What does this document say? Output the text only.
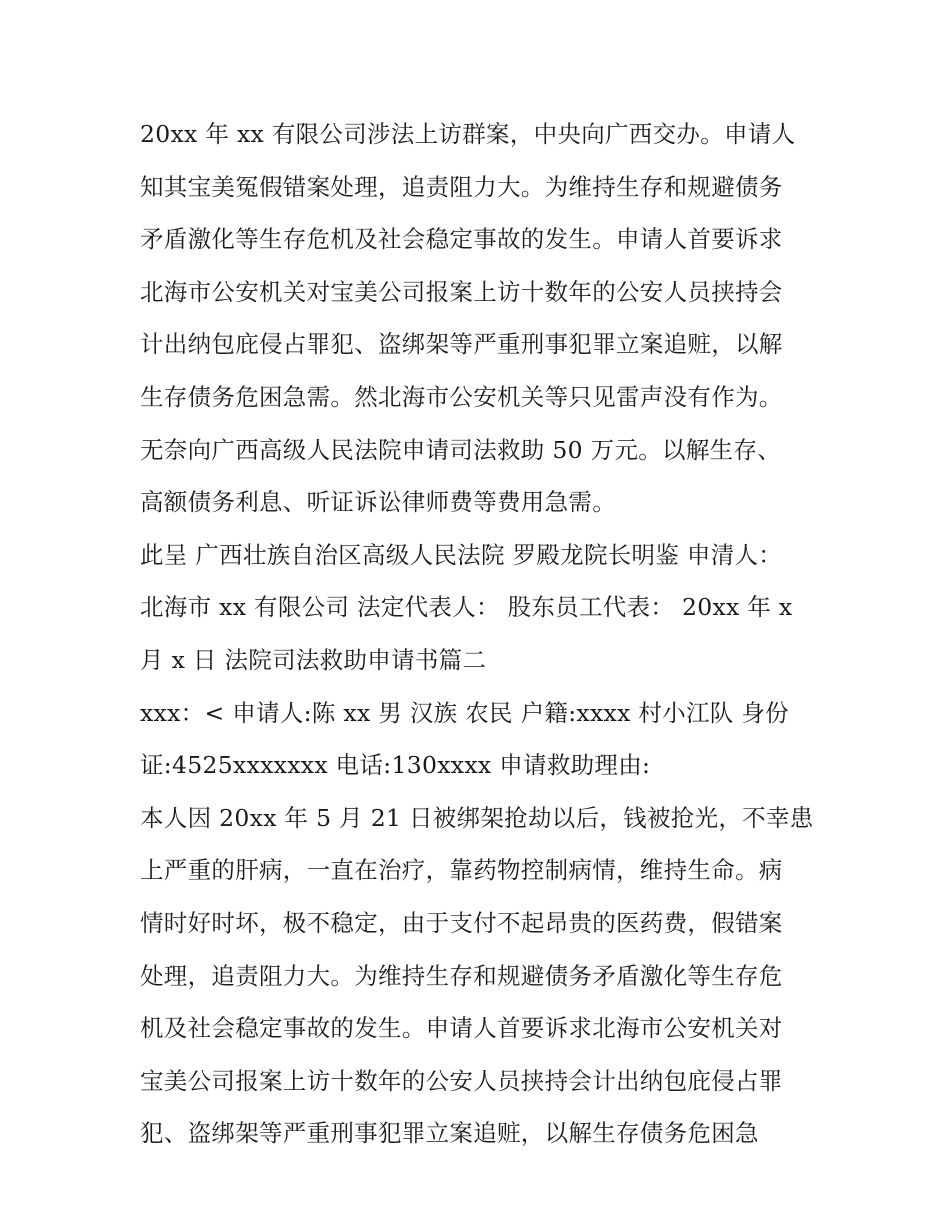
20xx 年 xx 有限公司涉法上访群案，中央向广西交办。申请人
知其宝美冤假错案处理，追责阻力大。为维持生存和规避债务
矛盾激化等生存危机及社会稳定事故的发生。申请人首要诉求
北海市公安机关对宝美公司报案上访十数年的公安人员挟持会
计出纳包庇侵占罪犯、盗绑架等严重刑事犯罪立案追赃，以解
生存债务危困急需。然北海市公安机关等只见雷声没有作为。
无奈向广西高级人民法院申请司法救助 50 万元。以解生存、
高额债务利息、听证诉讼律师费等费用急需。
此呈 广西壮族自治区高级人民法院 罗殿龙院长明鉴 申清人：
北海市 xx 有限公司 法定代表人： 股东员工代表： 20xx 年 x
月 x 日 法院司法救助申请书篇二
xxx：< 申请人:陈 xx 男 汉族 农民 户籍:xxxx 村小江队 身份
证:4525xxxxxxx 电话:130xxxx 申请救助理由:
本人因 20xx 年 5 月 21 日被绑架抢劫以后，钱被抢光，不幸患
上严重的肝病，一直在治疗，靠药物控制病情，维持生命。病
情时好时坏，极不稳定，由于支付不起昂贵的医药费，假错案
处理，追责阻力大。为维持生存和规避债务矛盾激化等生存危
机及社会稳定事故的发生。申请人首要诉求北海市公安机关对
宝美公司报案上访十数年的公安人员挟持会计出纳包庇侵占罪
犯、盗绑架等严重刑事犯罪立案追赃，以解生存债务危困急
